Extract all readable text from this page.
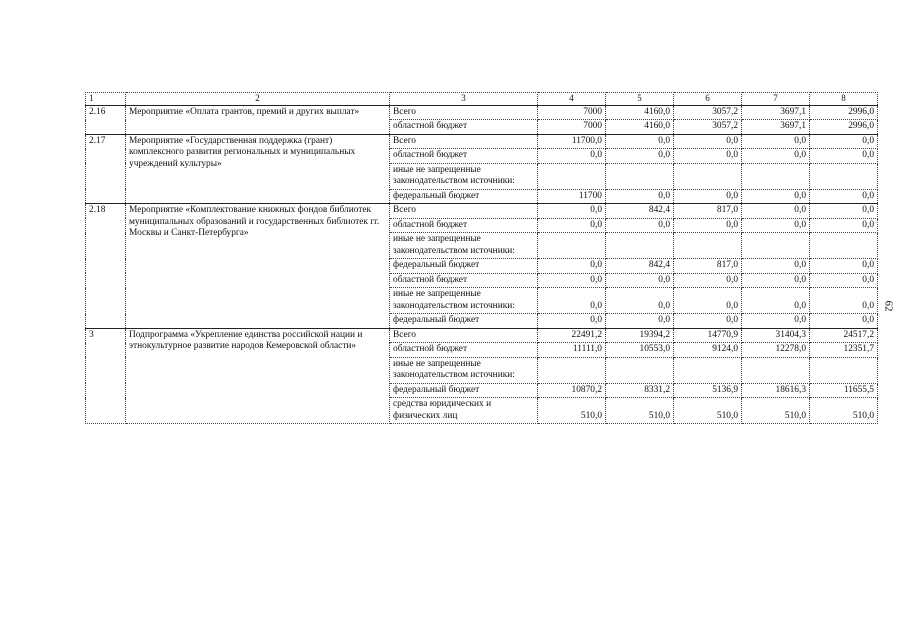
62
1	2	3	4	5	6	7	8
2.16	Мероприятие «Оплата грантов, премий и других выплат»	Всего	7000	4160,0	3057,2	3697,1	2996,0
		областной бюджет	7000	4160,0	3057,2	3697,1	2996,0
2.17	Мероприятие «Государственная поддержка (грант) комплексного развития региональных и муниципальных учреждений культуры»	Всего	11700,0	0,0	0,0	0,0	0,0
		областной бюджет	0,0	0,0	0,0	0,0	0,0
		иные не запрещенные законодательством источники:					
		федеральный бюджет	11700	0,0	0,0	0,0	0,0
2.18	Мероприятие «Комплектование книжных фондов библиотек муниципальных образований и государственных библиотек гг. Москвы и Санкт-Петербурга»	Всего	0,0	842,4	817,0	0,0	0,0
		областной бюджет	0,0	0,0	0,0	0,0	0,0
		иные не запрещенные законодательством источники:					
		федеральный бюджет	0,0	842,4	817,0	0,0	0,0
		областной бюджет	0,0	0,0	0,0	0,0	0,0
		иные не запрещенные законодательством источники:	0,0	0,0	0,0	0,0	0,0
		федеральный бюджет	0,0	0,0	0,0	0,0	0,0
3	Подпрограмма «Укрепление единства российской нации и этнокультурное развитие народов Кемеровской области»	Всего	22491,2	19394,2	14770,9	31404,3	24517,2
		областной бюджет	11111,0	10553,0	9124,0	12278,0	12351,7
		иные не запрещенные законодательством источники:					
		федеральный бюджет	10870,2	8331,2	5136,9	18616,3	11655,5
		средства юридических и физических лиц	510,0	510,0	510,0	510,0	510,0
